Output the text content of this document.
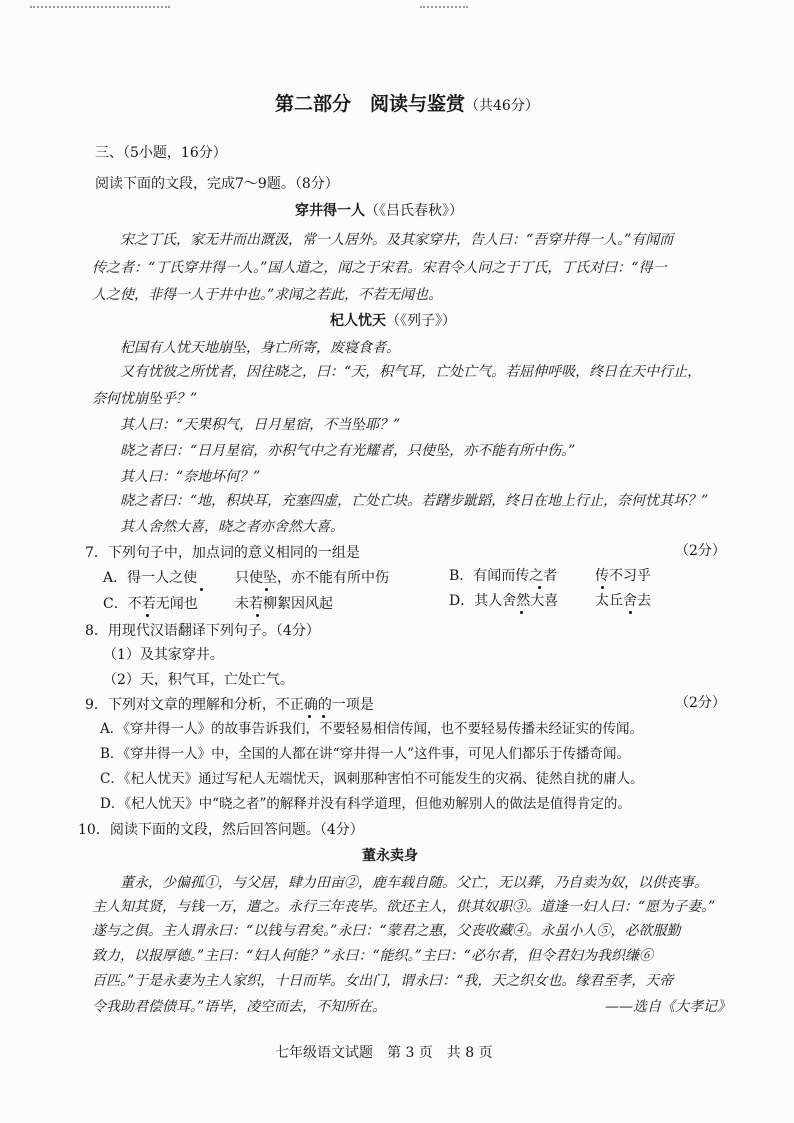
第二部分　阅读与鉴赏（共46分）
三、（5小题，16分）
阅读下面的文段，完成7～9题。（8分）
穿井得一人（《吕氏春秋》）
宋之丁氏，家无井而出溉汲，常一人居外。及其家穿井，告人曰：“吾穿井得一人。”有闻而
传之者：“丁氏穿井得一人。”国人道之，闻之于宋君。宋君令人问之于丁氏，丁氏对曰：“得一
人之使，非得一人于井中也。”求闻之若此，不若无闻也。
杞人忧天（《列子》）
杞国有人忧天地崩坠，身亡所寄，废寝食者。
又有忧彼之所忧者，因往晓之，曰：“天，积气耳，亡处亡气。若屈伸呼吸，终日在天中行止，
奈何忧崩坠乎？”
其人曰：“天果积气，日月星宿，不当坠耶？”
晓之者曰：“日月星宿，亦积气中之有光耀者，只使坠，亦不能有所中伤。”
其人曰：“奈地坏何？”
晓之者曰：“地，积块耳，充塞四虚，亡处亡块。若躇步跐蹈，终日在地上行止，奈何忧其坏？”
其人舍然大喜，晓之者亦舍然大喜。
7．下列句子中，加点词的意义相同的一组是	（2分）
A．得一人之使	只使坠，亦不能有所中伤	B．有闻而传之者	传不习乎
C．不若无闻也	未若柳絮因风起	D．其人舍然大喜	太丘舍去
8．用现代汉语翻译下列句子。（4分）
（1）及其家穿井。
（2）天，积气耳，亡处亡气。
9．下列对文章的理解和分析，不正确的一项是	（2分）
A．《穿井得一人》的故事告诉我们，不要轻易相信传闻，也不要轻易传播未经证实的传闻。
B．《穿井得一人》中，全国的人都在讲“穿井得一人”这件事，可见人们都乐于传播奇闻。
C．《杞人忧天》通过写杞人无端忧天，讽刺那种害怕不可能发生的灾祸、徒然自扰的庸人。
D．《杞人忧天》中“晓之者”的解释并没有科学道理，但他劝解别人的做法是值得肯定的。
10．阅读下面的文段，然后回答问题。（4分）
董永卖身
董永，少偏孤①，与父居，肆力田亩②，鹿车载自随。父亡，无以葬，乃自卖为奴，以供丧事。
主人知其贤，与钱一万，遣之。永行三年丧毕。欲还主人，供其奴职③。道逢一妇人曰：“愿为子妻。”
遂与之俱。主人谓永曰：“以钱与君矣。”永曰：“蒙君之惠，父丧收藏④。永虽小人⑤，必欲服勤
致力，以报厚德。”主曰：“妇人何能？”永曰：“能织。”主曰：“必尔者，但令君妇为我织缣⑥
百匹。”于是永妻为主人家织，十日而毕。女出门，谓永曰：“我，天之织女也。缘君至孝，天帝
令我助君偿债耳。”语毕，凌空而去，不知所在。	——选自《大孝记》
七年级语文试题　第 3 页　共 8 页
